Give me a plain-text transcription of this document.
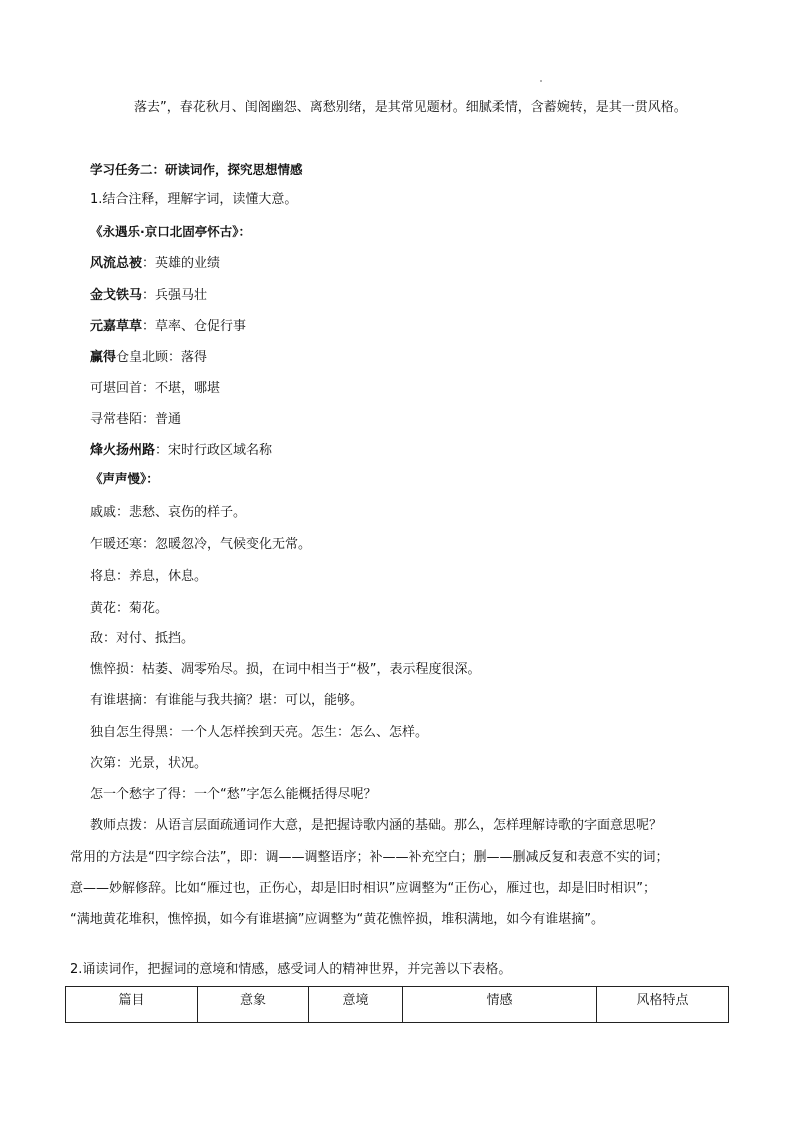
落去”，春花秋月、闺阁幽怨、离愁别绪，是其常见题材。细腻柔情，含蓄婉转，是其一贯风格。
学习任务二：研读词作，探究思想情感
1.结合注释，理解字词，读懂大意。
《永遇乐·京口北固亭怀古》：
风流总被：英雄的业绩
金戈铁马：兵强马壮
元嘉草草：草率、仓促行事
赢得仓皇北顾：落得
可堪回首：不堪，哪堪
寻常巷陌：普通
烽火扬州路：宋时行政区域名称
《声声慢》：
戚戚：悲愁、哀伤的样子。
乍暖还寒：忽暖忽冷，气候变化无常。
将息：养息，休息。
黄花：菊花。
敌：对付、抵挡。
憔悴损：枯萎、凋零殆尽。损，在词中相当于“极”，表示程度很深。
有谁堪摘：有谁能与我共摘？堪：可以，能够。
独自怎生得黑：一个人怎样挨到天亮。怎生：怎么、怎样。
次第：光景，状况。
怎一个愁字了得：一个“愁”字怎么能概括得尽呢？
教师点拨：从语言层面疏通词作大意，是把握诗歌内涵的基础。那么，怎样理解诗歌的字面意思呢？
常用的方法是“四字综合法”，即：调——调整语序；补——补充空白；删——删减反复和表意不实的词；
意——妙解修辞。比如“雁过也，正伤心，却是旧时相识”应调整为“正伤心，雁过也，却是旧时相识”；
“满地黄花堆积，憔悴损，如今有谁堪摘”应调整为“黄花憔悴损，堆积满地，如今有谁堪摘”。
2.诵读词作，把握词的意境和情感，感受词人的精神世界，并完善以下表格。
篇目	意象	意境	情感	风格特点
